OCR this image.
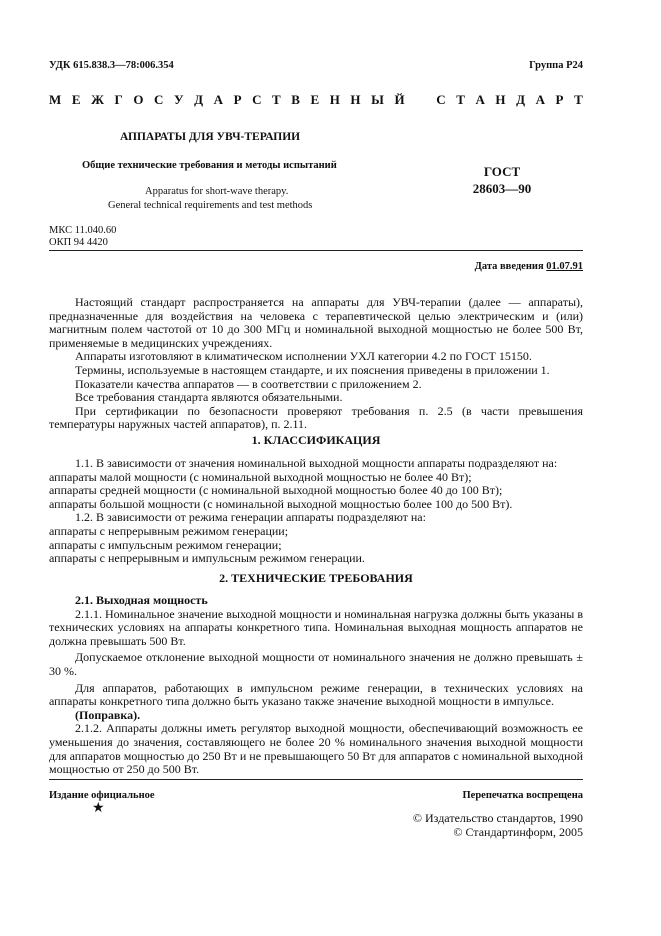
УДК 615.838.3—78:006.354	Группа Р24
М Е Ж Г О С У Д А Р С Т В Е Н Н Ы Й С Т А Н Д А Р Т
АППАРАТЫ ДЛЯ УВЧ-ТЕРАПИИ
Общие технические требования и методы испытаний
Apparatus for short-wave therapy.
General technical requirements and test methods
ГОСТ
28603—90
МКС 11.040.60
ОКП 94 4420
Дата введения 01.07.91

Настоящий стандарт распространяется на аппараты для УВЧ-терапии (далее — аппараты), предназначенные для воздействия на человека с терапевтической целью электрическим и (или) магнитным полем частотой от 10 до 300 МГц и номинальной выходной мощностью не более 500 Вт, применяемые в медицинских учреждениях.

Аппараты изготовляют в климатическом исполнении УХЛ категории 4.2 по ГОСТ 15150.

Термины, используемые в настоящем стандарте, и их пояснения приведены в приложении 1.

Показатели качества аппаратов — в соответствии с приложением 2.

Все требования стандарта являются обязательными.

При сертификации по безопасности проверяют требования п. 2.5 (в части превышения температуры наружных частей аппаратов), п. 2.11.

1. КЛАССИФИКАЦИЯ

1.1. В зависимости от значения номинальной выходной мощности аппараты подразделяют на:

аппараты малой мощности (с номинальной выходной мощностью не более 40 Вт);

аппараты средней мощности (с номинальной выходной мощностью более 40 до 100 Вт);

аппараты большой мощности (с номинальной выходной мощностью более 100 до 500 Вт).

1.2. В зависимости от режима генерации аппараты подразделяют на:

аппараты с непрерывным режимом генерации;

аппараты с импульсным режимом генерации;

аппараты с непрерывным и импульсным режимом генерации.

2. ТЕХНИЧЕСКИЕ ТРЕБОВАНИЯ

2.1. Выходная мощность

2.1.1. Номинальное значение выходной мощности и номинальная нагрузка должны быть указаны в технических условиях на аппараты конкретного типа. Номинальная выходная мощность аппаратов не должна превышать 500 Вт.

Допускаемое отклонение выходной мощности от номинального значения не должно превышать ± 30 %.

Для аппаратов, работающих в импульсном режиме генерации, в технических условиях на аппараты конкретного типа должно быть указано также значение выходной мощности в импульсе.

(Поправка).

2.1.2. Аппараты должны иметь регулятор выходной мощности, обеспечивающий возможность ее уменьшения до значения, составляющего не более 20 % номинального значения выходной мощности для аппаратов мощностью до 250 Вт и не превышающего 50 Вт для аппаратов с номинальной выходной мощностью от 250 до 500 Вт.

Издание официальное	Перепечатка воспрещена
★
© Издательство стандартов, 1990
© Стандартинформ, 2005
